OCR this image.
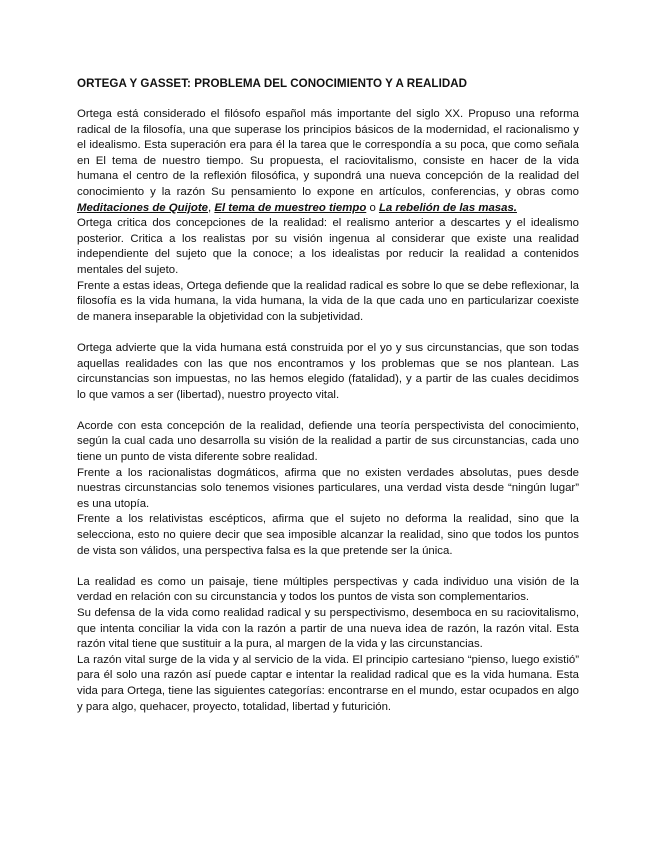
ORTEGA Y GASSET: PROBLEMA DEL CONOCIMIENTO Y A REALIDAD

Ortega está considerado el filósofo español más importante del siglo XX. Propuso una reforma radical de la filosofía, una que superase los principios básicos de la modernidad, el racionalismo y el idealismo. Esta superación era para él la tarea que le correspondía a su poca, que como señala en El tema de nuestro tiempo. Su propuesta, el raciovitalismo, consiste en hacer de la vida humana el centro de la reflexión filosófica, y supondrá una nueva concepción de la realidad del conocimiento y la razón Su pensamiento lo expone en artículos, conferencias, y obras como Meditaciones de Quijote, El tema de muestreo tiempo o La rebelión de las masas.

Ortega critica dos concepciones de la realidad: el realismo anterior a descartes y el idealismo posterior. Critica a los realistas por su visión ingenua al considerar que existe una realidad independiente del sujeto que la conoce; a los idealistas por reducir la realidad a contenidos mentales del sujeto.

Frente a estas ideas, Ortega defiende que la realidad radical es sobre lo que se debe reflexionar, la filosofía es la vida humana, la vida humana, la vida de la que cada uno en particularizar coexiste de manera inseparable la objetividad con la subjetividad.

Ortega advierte que la vida humana está construida por el yo y sus circunstancias, que son todas aquellas realidades con las que nos encontramos y los problemas que se nos plantean. Las circunstancias son impuestas, no las hemos elegido (fatalidad), y a partir de las cuales decidimos lo que vamos a ser (libertad), nuestro proyecto vital.

Acorde con esta concepción de la realidad, defiende una teoría perspectivista del conocimiento, según la cual cada uno desarrolla su visión de la realidad a partir de sus circunstancias, cada uno tiene un punto de vista diferente sobre realidad.

Frente a los racionalistas dogmáticos, afirma que no existen verdades absolutas, pues desde nuestras circunstancias solo tenemos visiones particulares, una verdad vista desde “ningún lugar” es una utopía.

Frente a los relativistas escépticos, afirma que el sujeto no deforma la realidad, sino que la selecciona, esto no quiere decir que sea imposible alcanzar la realidad, sino que todos los puntos de vista son válidos, una perspectiva falsa es la que pretende ser la única.

La realidad es como un paisaje, tiene múltiples perspectivas y cada individuo una visión de la verdad en relación con su circunstancia y todos los puntos de vista son complementarios.

Su defensa de la vida como realidad radical y su perspectivismo, desemboca en su raciovitalismo, que intenta conciliar la vida con la razón a partir de una nueva idea de razón, la razón vital. Esta razón vital tiene que sustituir a la pura, al margen de la vida y las circunstancias.

La razón vital surge de la vida y al servicio de la vida. El principio cartesiano “pienso, luego existió” para él solo una razón así puede captar e intentar la realidad radical que es la vida humana. Esta vida para Ortega, tiene las siguientes categorías: encontrarse en el mundo, estar ocupados en algo y para algo, quehacer, proyecto, totalidad, libertad y futurición.
